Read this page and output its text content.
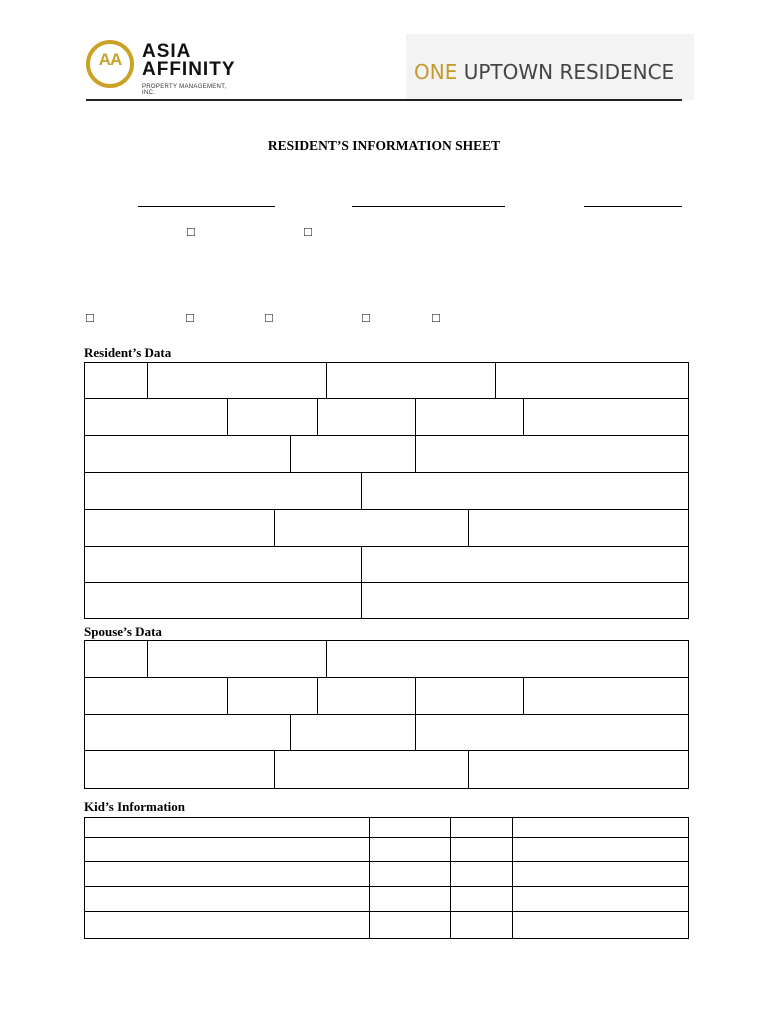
AA	ASIA
AFFINITY
PROPERTY MANAGEMENT, INC.
ONE UPTOWN RESIDENCE
RESIDENT’S INFORMATION SHEET
☐	☐
☐	☐	☐	☐	☐
Resident’s Data

Spouse’s Data

Kid’s Information
